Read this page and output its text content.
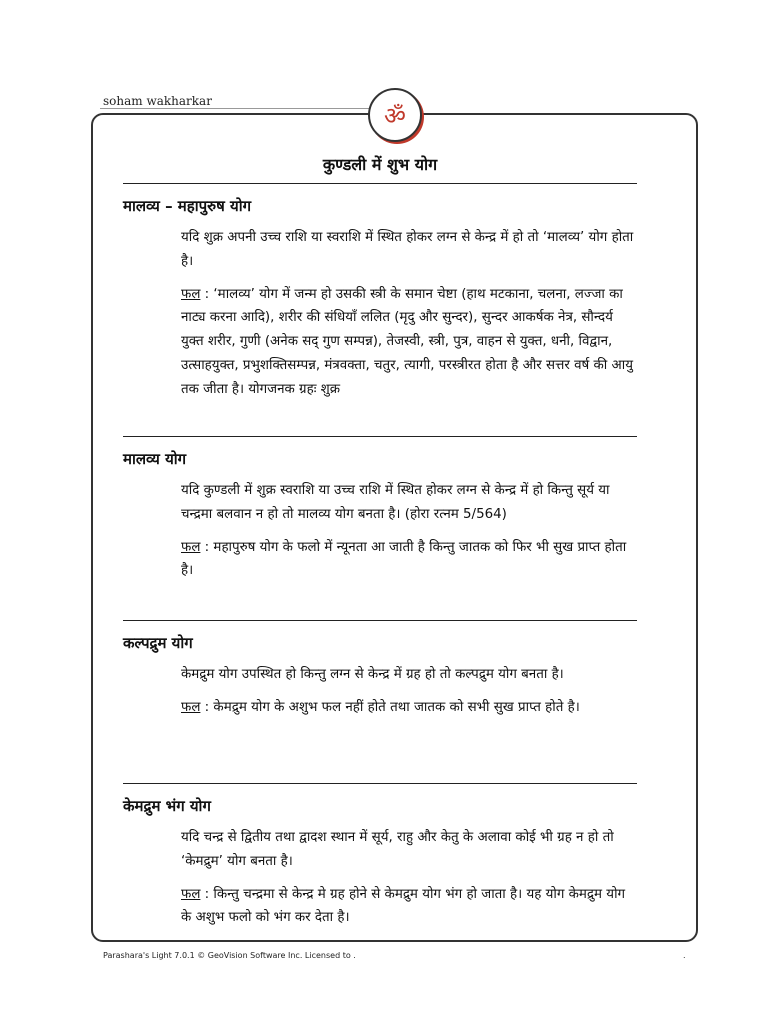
soham wakharkar
ॐ
कुण्डली में शुभ योग
मालव्य – महापुरुष योग

यदि शुक्र अपनी उच्च राशि या स्वराशि में स्थित होकर लग्न से केन्द्र में हो तो ‘मालव्य’ योग होता है।

फल : ‘मालव्य’ योग में जन्म हो उसकी स्त्री के समान चेष्टा (हाथ मटकाना, चलना, लज्जा का नाट्य करना आदि), शरीर की संधियाँ ललित (मृदु और सुन्दर), सुन्दर आकर्षक नेत्र, सौन्दर्य युक्त शरीर, गुणी (अनेक सद् गुण सम्पन्न), तेजस्वी, स्त्री, पुत्र, वाहन से युक्त, धनी, विद्वान, उत्साहयुक्त, प्रभुशक्तिसम्पन्न, मंत्रवक्ता, चतुर, त्यागी, परस्त्रीरत होता है और सत्तर वर्ष की आयु तक जीता है। योगजनक ग्रहः शुक्र

मालव्य योग

यदि कुण्डली में शुक्र स्वराशि या उच्च राशि में स्थित होकर लग्न से केन्द्र में हो किन्तु सूर्य या चन्द्रमा बलवान न हो तो मालव्य योग बनता है। (होरा रत्नम 5/564)

फल : महापुरुष योग के फलो में न्यूनता आ जाती है किन्तु जातक को फिर भी सुख प्राप्त होता है।

कल्पद्रुम योग

केमद्रुम योग उपस्थित हो किन्तु लग्न से केन्द्र में ग्रह हो तो कल्पद्रुम योग बनता है।

फल : केमद्रुम योग के अशुभ फल नहीं होते तथा जातक को सभी सुख प्राप्त होते है।

केमद्रुम भंग योग

यदि चन्द्र से द्वितीय तथा द्वादश स्थान में सूर्य, राहु और केतु के अलावा कोई भी ग्रह न हो तो ‘केमद्रुम’ योग बनता है।

फल : किन्तु चन्द्रमा से केन्द्र मे ग्रह होने से केमद्रुम योग भंग हो जाता है। यह योग केमद्रुम योग के अशुभ फलो को भंग कर देता है।

Parashara's Light 7.0.1 © GeoVision Software Inc. Licensed to .	.
